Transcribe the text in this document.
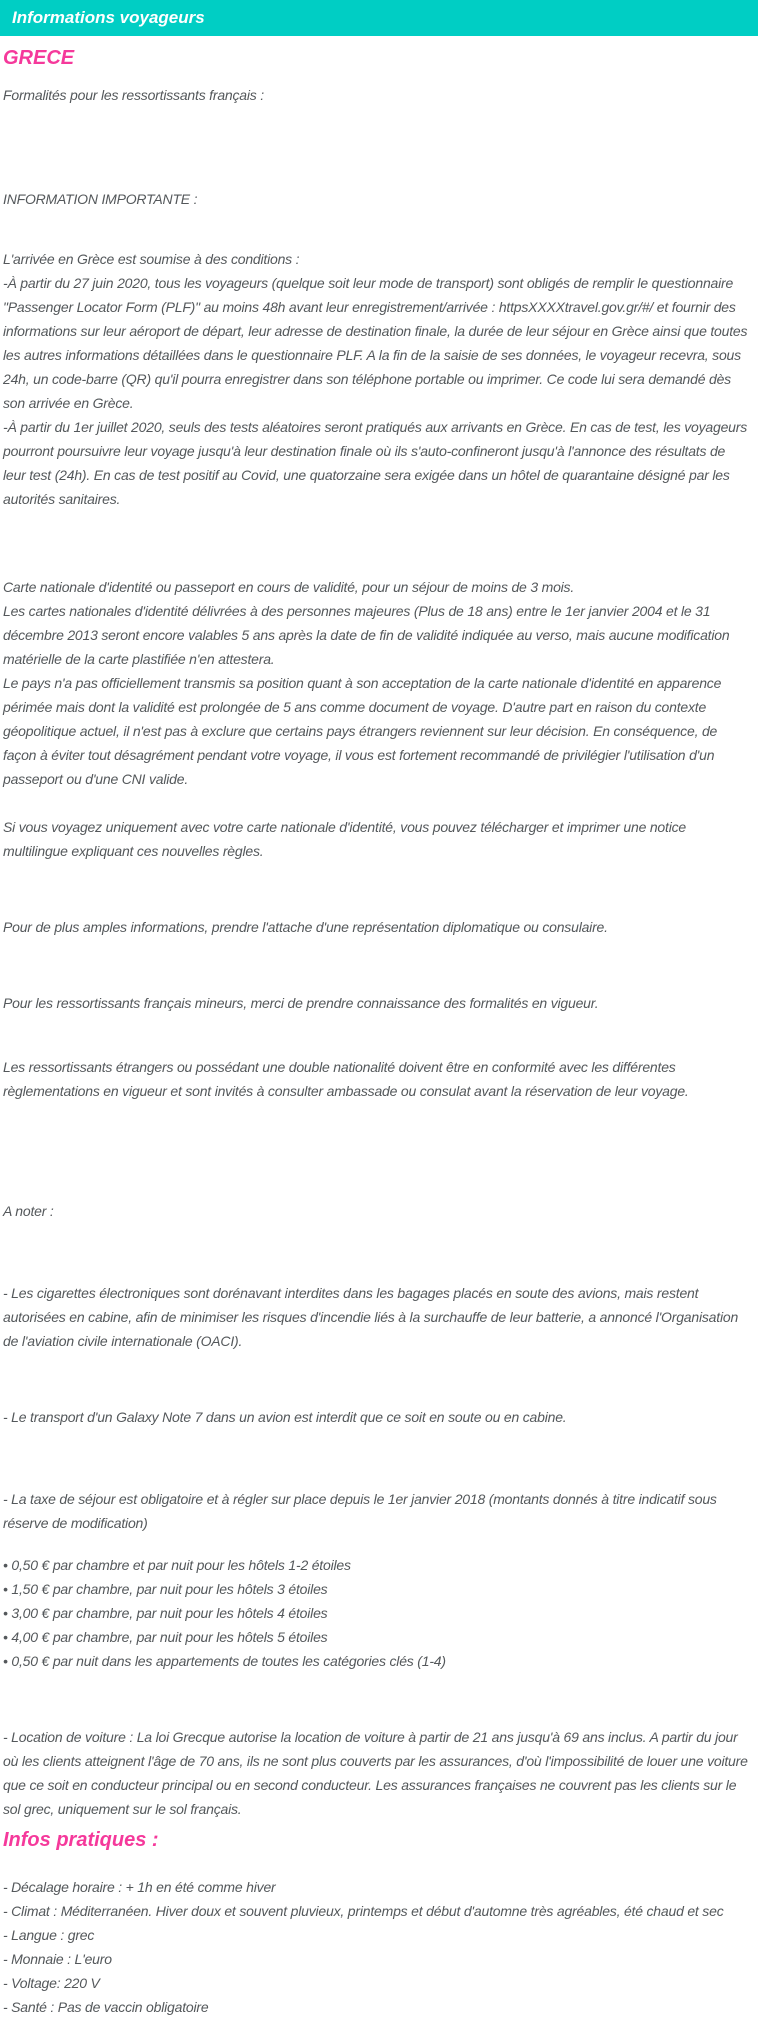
Informations voyageurs
GRECE

Formalités pour les ressortissants français :

INFORMATION IMPORTANTE :

L'arrivée en Grèce est soumise à des conditions :

-À partir du 27 juin 2020, tous les voyageurs (quelque soit leur mode de transport) sont obligés de remplir le questionnaire "Passenger Locator Form (PLF)" au moins 48h avant leur enregistrement/arrivée : httpsXXXXtravel.gov.gr/#/ et fournir des informations sur leur aéroport de départ, leur adresse de destination finale, la durée de leur séjour en Grèce ainsi que toutes les autres informations détaillées dans le questionnaire PLF. A la fin de la saisie de ses données, le voyageur recevra, sous 24h, un code-barre (QR) qu'il pourra enregistrer dans son téléphone portable ou imprimer. Ce code lui sera demandé dès son arrivée en Grèce.

-À partir du 1er juillet 2020, seuls des tests aléatoires seront pratiqués aux arrivants en Grèce. En cas de test, les voyageurs pourront poursuivre leur voyage jusqu'à leur destination finale où ils s'auto-confineront jusqu'à l'annonce des résultats de leur test (24h). En cas de test positif au Covid, une quatorzaine sera exigée dans un hôtel de quarantaine désigné par les autorités sanitaires.

Carte nationale d'identité ou passeport en cours de validité, pour un séjour de moins de 3 mois.

Les cartes nationales d'identité délivrées à des personnes majeures (Plus de 18 ans) entre le 1er janvier 2004 et le 31 décembre 2013 seront encore valables 5 ans après la date de fin de validité indiquée au verso, mais aucune modification matérielle de la carte plastifiée n'en attestera.

Le pays n'a pas officiellement transmis sa position quant à son acceptation de la carte nationale d'identité en apparence périmée mais dont la validité est prolongée de 5 ans comme document de voyage. D'autre part en raison du contexte géopolitique actuel, il n'est pas à exclure que certains pays étrangers reviennent sur leur décision. En conséquence, de façon à éviter tout désagrément pendant votre voyage, il vous est fortement recommandé de privilégier l'utilisation d'un passeport ou d'une CNI valide.

Si vous voyagez uniquement avec votre carte nationale d'identité, vous pouvez télécharger et imprimer une notice multilingue expliquant ces nouvelles règles.

Pour de plus amples informations, prendre l'attache d'une représentation diplomatique ou consulaire.

Pour les ressortissants français mineurs, merci de prendre connaissance des formalités en vigueur.

Les ressortissants étrangers ou possédant une double nationalité doivent être en conformité avec les différentes règlementations en vigueur et sont invités à consulter ambassade ou consulat avant la réservation de leur voyage.

A noter :

- Les cigarettes électroniques sont dorénavant interdites dans les bagages placés en soute des avions, mais restent autorisées en cabine, afin de minimiser les risques d'incendie liés à la surchauffe de leur batterie, a annoncé l'Organisation de l'aviation civile internationale (OACI).

- Le transport d'un Galaxy Note 7 dans un avion est interdit que ce soit en soute ou en cabine.

- La taxe de séjour est obligatoire et à régler sur place depuis le 1er janvier 2018 (montants donnés à titre indicatif sous réserve de modification)

• 0,50 € par chambre et par nuit pour les hôtels 1-2 étoiles
• 1,50 € par chambre, par nuit pour les hôtels 3 étoiles
• 3,00 € par chambre, par nuit pour les hôtels 4 étoiles
• 4,00 € par chambre, par nuit pour les hôtels 5 étoiles
• 0,50 € par nuit dans les appartements de toutes les catégories clés (1-4)

- Location de voiture : La loi Grecque autorise la location de voiture à partir de 21 ans jusqu'à 69 ans inclus. A partir du jour où les clients atteignent l'âge de 70 ans, ils ne sont plus couverts par les assurances, d'où l'impossibilité de louer une voiture que ce soit en conducteur principal ou en second conducteur. Les assurances françaises ne couvrent pas les clients sur le sol grec, uniquement sur le sol français.

Infos pratiques :
- Décalage horaire : + 1h en été comme hiver
- Climat : Méditerranéen. Hiver doux et souvent pluvieux, printemps et début d'automne très agréables, été chaud et sec
- Langue : grec
- Monnaie : L'euro
- Voltage: 220 V
- Santé : Pas de vaccin obligatoire
